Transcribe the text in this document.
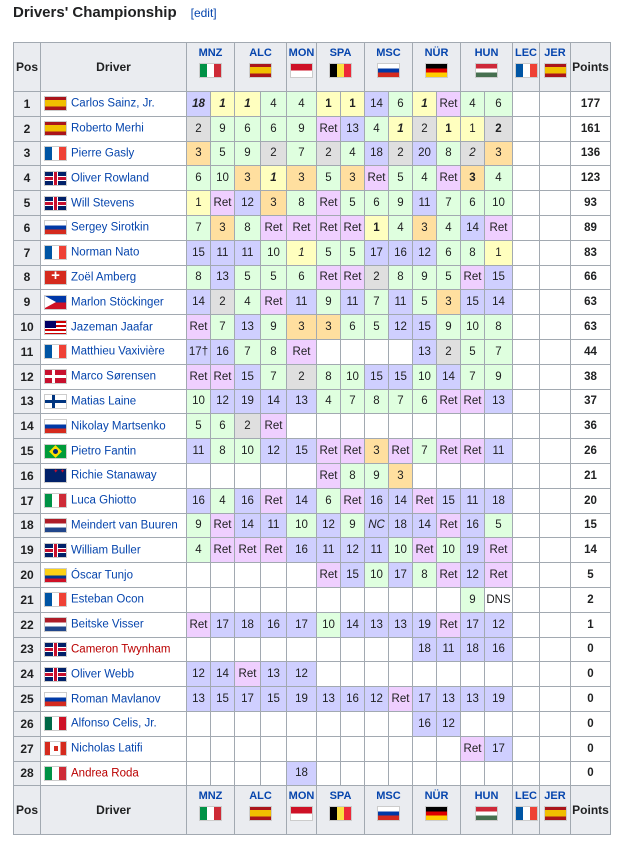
Drivers' Championship [edit]
Pos	Driver	MNZ		ALC		MON	SPA		MSC		NÜR		HUN		LEC	JER	Points
1	Carlos Sainz, Jr.	18	1	1	4	4	1	1	14	6	1	Ret	4	6			177
2	Roberto Merhi	2	9	6	6	9	Ret	13	4	1	2	1	1	2			161
3	Pierre Gasly	3	5	9	2	7	2	4	18	2	20	8	2	3			136
4	Oliver Rowland	6	10	3	1	3	5	3	Ret	5	4	Ret	3	4			123
5	Will Stevens	1	Ret	12	3	8	Ret	5	6	9	11	7	6	10			93
6	Sergey Sirotkin	7	3	8	Ret	Ret	Ret	Ret	1	4	3	4	14	Ret			89
7	Norman Nato	15	11	11	10	1	5	5	17	16	12	6	8	1			83
8	+Zoël Amberg	8	13	5	5	6	Ret	Ret	2	8	9	5	Ret	15			66
9	Marlon Stöckinger	14	2	4	Ret	11	9	11	7	11	5	3	15	14			63
10	Jazeman Jaafar	Ret	7	13	9	3	3	6	5	12	15	9	10	8			63
11	Matthieu Vaxivière	17†	16	7	8	Ret					13	2	5	7			44
12	Marco Sørensen	Ret	Ret	15	7	2	8	10	15	15	10	14	7	9			38
13	Matias Laine	10	12	19	14	13	4	7	8	7	6	Ret	Ret	13			37
14	Nikolay Martsenko	5	6	2	Ret												36
15	Pietro Fantin	11	8	10	12	15	Ret	Ret	3	Ret	7	Ret	Ret	11			26
16	✦ ✦Richie Stanaway						Ret	8	9	3							21
17	Luca Ghiotto	16	4	16	Ret	14	6	Ret	16	14	Ret	15	11	18			20
18	Meindert van Buuren	9	Ret	14	11	10	12	9	NC	18	14	Ret	16	5			15
19	William Buller	4	Ret	Ret	Ret	16	11	12	11	10	Ret	10	19	Ret			14
20	Óscar Tunjo						Ret	15	10	17	8	Ret	12	Ret			5
21	Esteban Ocon												9	DNS			2
22	Beitske Visser	Ret	17	18	16	17	10	14	13	13	19	Ret	17	12			1
23	Cameron Twynham										18	11	18	16			0
24	Oliver Webb	12	14	Ret	13	12											0
25	Roman Mavlanov	13	15	17	15	19	13	16	12	Ret	17	13	13	19			0
26	Alfonso Celis, Jr.										16	12					0
27	Nicholas Latifi												Ret	17			0
28	Andrea Roda					18											0
Pos	Driver	MNZ		ALC		MON	SPA		MSC		NÜR		HUN		LEC	JER	Points
